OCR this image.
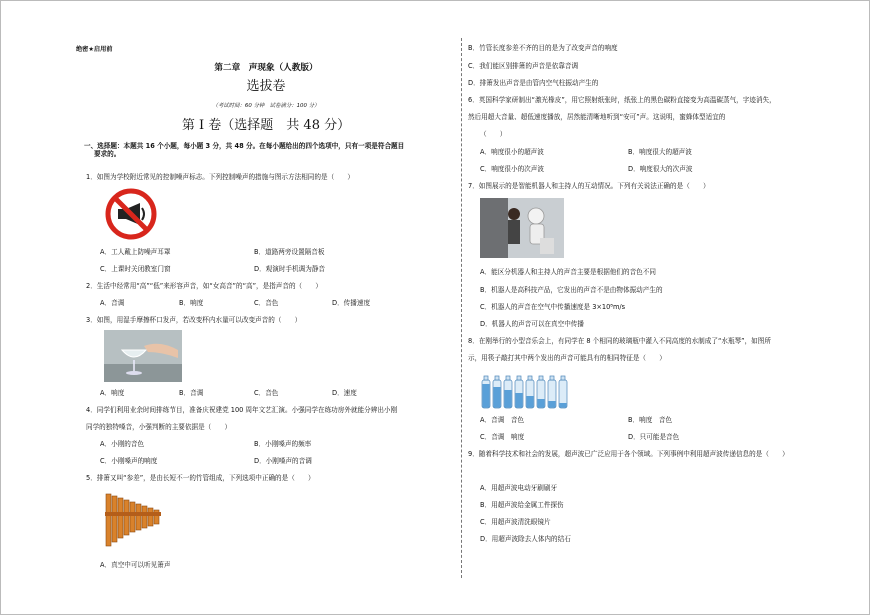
绝密★启用前
第二章　声现象（人教版）
选拔卷
（考试时间：60 分钟　试卷满分：100 分）
第 I 卷（选择题　共 48 分）
一、选择题：本题共 16 个小题，每小题 3 分，共 48 分。在每小题给出的四个选项中，只有一项是符合题目
要求的。
1．如图为学校附近常见的控制噪声标志。下列控制噪声的措施与图示方法相同的是（　　）
A．工人戴上防噪声耳罩	B．道路两旁设置隔音板
C．上课时关闭教室门窗	D．观演时手机调为静音
2．生活中经常用“高”“低”来形容声音，如“女高音”的“高”，是指声音的（　　）
A．音调	B．响度	C．音色	D．传播速度
3．如图，用湿手摩擦杯口发声，若改变杯内水量可以改变声音的（　　）
A．响度	B．音调	C．音色	D．速度
4．同学们利用业余时间排练节目，准备庆祝建党 100 周年文艺汇演。小强同学在练功房外就能分辨出小刚
同学的独特嗓音，小强判断的主要依据是（　　）
A．小刚的音色	B．小刚嗓声的频率
C．小刚嗓声的响度	D．小刚嗓声的音调
5．排箫又叫“参差”，是由长短不一的竹管组成，下列选项中正确的是（　　）
A．真空中可以听见箫声
B．竹管长度参差不齐的目的是为了改变声音的响度
C．我们能区别排箫的声音是依靠音调
D．排箫发出声音是由管内空气柱振动产生的
6．英国科学家研制出“激光橡皮”，用它照射纸张时，纸张上的黑色碳粉直接变为高温碳蒸气，字迹消失，
然后用超大音量、超低速度播放，居然能清晰地听到“安可”声。这说明，蜜蜂体型适宜的
（　　）
A．响度很小的超声波	B．响度很大的超声波
C．响度很小的次声波	D．响度很大的次声波
7．如图展示的是智能机器人和主持人的互动情况。下列有关说法正确的是（　　）
A．能区分机器人和主持人的声音主要是根据他们的音色不同
B．机器人是高科技产品，它发出的声音不是由物体振动产生的
C．机器人的声音在空气中传播速度是 3×10⁸m/s
D．机器人的声音可以在真空中传播
8．在刚举行的小型音乐会上，有同学在 8 个相同的玻璃瓶中灌入不同高度的水制成了“水瓶琴”，如图所
示，用筷子敲打其中两个发出的声音可能具有的相同特征是（　　）
A．音调　音色	B．响度　音色
C．音调　响度	D．只可能是音色
9．随着科学技术和社会的发展，超声波已广泛应用于各个领域。下列事例中利用超声波传递信息的是（　　）
A．用超声波电动牙刷刷牙
B．用超声波给金属工件探伤
C．用超声波清洗眼镜片
D．用超声波除去人体内的结石
